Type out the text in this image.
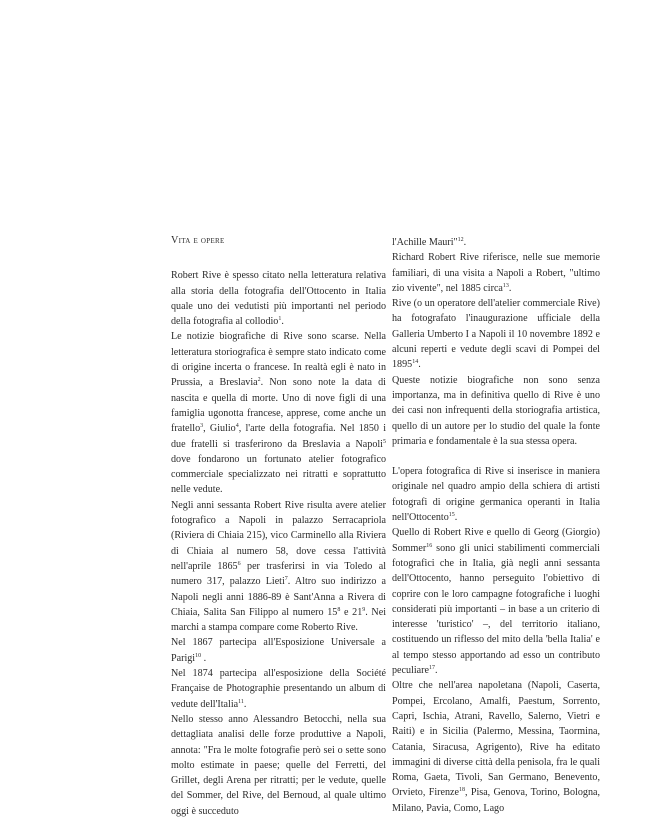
Vita e opere

Robert Rive è spesso citato nella letteratura relativa alla storia della fotografia dell'Ottocento in Italia quale uno dei vedutisti più importanti nel periodo della fotografia al collodio$^1$.

Le notizie biografiche di Rive sono scarse. Nella letteratura storiografica è sempre stato indicato come di origine incerta o francese. In realtà egli è nato in Prussia, a Breslavia$^2$. Non sono note la data di nascita e quella di morte. Uno di nove figli di una famiglia ugonotta francese, apprese, come anche un fratello$^3$, Giulio$^4$, l'arte della fotografia. Nel 1850 i due fratelli si trasferirono da Breslavia a Napoli$^5$ dove fondarono un fortunato atelier fotografico commerciale specializzato nei ritratti e soprattutto nelle vedute.

Negli anni sessanta Robert Rive risulta avere atelier fotografico a Napoli in palazzo Serracapriola (Riviera di Chiaia 215), vico Carminello alla Riviera di Chiaia al numero 58, dove cessa l'attività nell'aprile 1865$^6$ per trasferirsi in via Toledo al numero 317, palazzo Lieti$^7$. Altro suo indirizzo a Napoli negli anni 1886-89 è Sant'Anna a Rivera di Chiaia, Salita San Filippo al numero $15^8$ e $21^9$. Nei marchi a stampa compare come Roberto Rive.

Nel 1867 partecipa all'Esposizione Universale a Parigi$^{10}$ .

Nel 1874 partecipa all'esposizione della Société Française de Photographie presentando un album di vedute dell'Italia$^{11}$.

Nello stesso anno Alessandro Betocchi, nella sua dettagliata analisi delle forze produttive a Napoli, annota: "Fra le molte fotografie però sei o sette sono molto estimate in paese; quelle del Ferretti, del Grillet, degli Arena per ritratti; per le vedute, quelle del Sommer, del Rive, del Bernoud, al quale ultimo oggi è succeduto

l'Achille Mauri"$^{12}$.

Richard Robert Rive riferisce, nelle sue memorie familiari, di una visita a Napoli a Robert, "ultimo zio vivente", nel 1885 circa$^{13}$.

Rive (o un operatore dell'atelier commerciale Rive) ha fotografato l'inaugurazione ufficiale della Galleria Umberto I a Napoli il 10 novembre 1892 e alcuni reperti e vedute degli scavi di Pompei del 1895$^{14}$.

Queste notizie biografiche non sono senza importanza, ma in definitiva quello di Rive è uno dei casi non infrequenti della storiografia artistica, quello di un autore per lo studio del quale la fonte primaria e fondamentale è la sua stessa opera.

L'opera fotografica di Rive si inserisce in maniera originale nel quadro ampio della schiera di artisti fotografi di origine germanica operanti in Italia nell'Ottocento$^{15}$.

Quello di Robert Rive e quello di Georg (Giorgio) Sommer$^{16}$ sono gli unici stabilimenti commerciali fotografici che in Italia, già negli anni sessanta dell'Ottocento, hanno perseguito l'obiettivo di coprire con le loro campagne fotografiche i luoghi considerati più importanti – in base a un criterio di interesse 'turistico' –, del territorio italiano, costituendo un riflesso del mito della 'bella Italia' e al tempo stesso apportando ad esso un contributo peculiare$^{17}$.

Oltre che nell'area napoletana (Napoli, Caserta, Pompei, Ercolano, Amalfi, Paestum, Sorrento, Capri, Ischia, Atrani, Ravello, Salerno, Vietri e Raiti) e in Sicilia (Palermo, Messina, Taormina, Catania, Siracusa, Agrigento), Rive ha editato immagini di diverse città della penisola, fra le quali Roma, Gaeta, Tivoli, San Germano, Benevento, Orvieto, Firenze$^{18}$, Pisa, Genova, Torino, Bologna, Milano, Pavia, Como, Lago
